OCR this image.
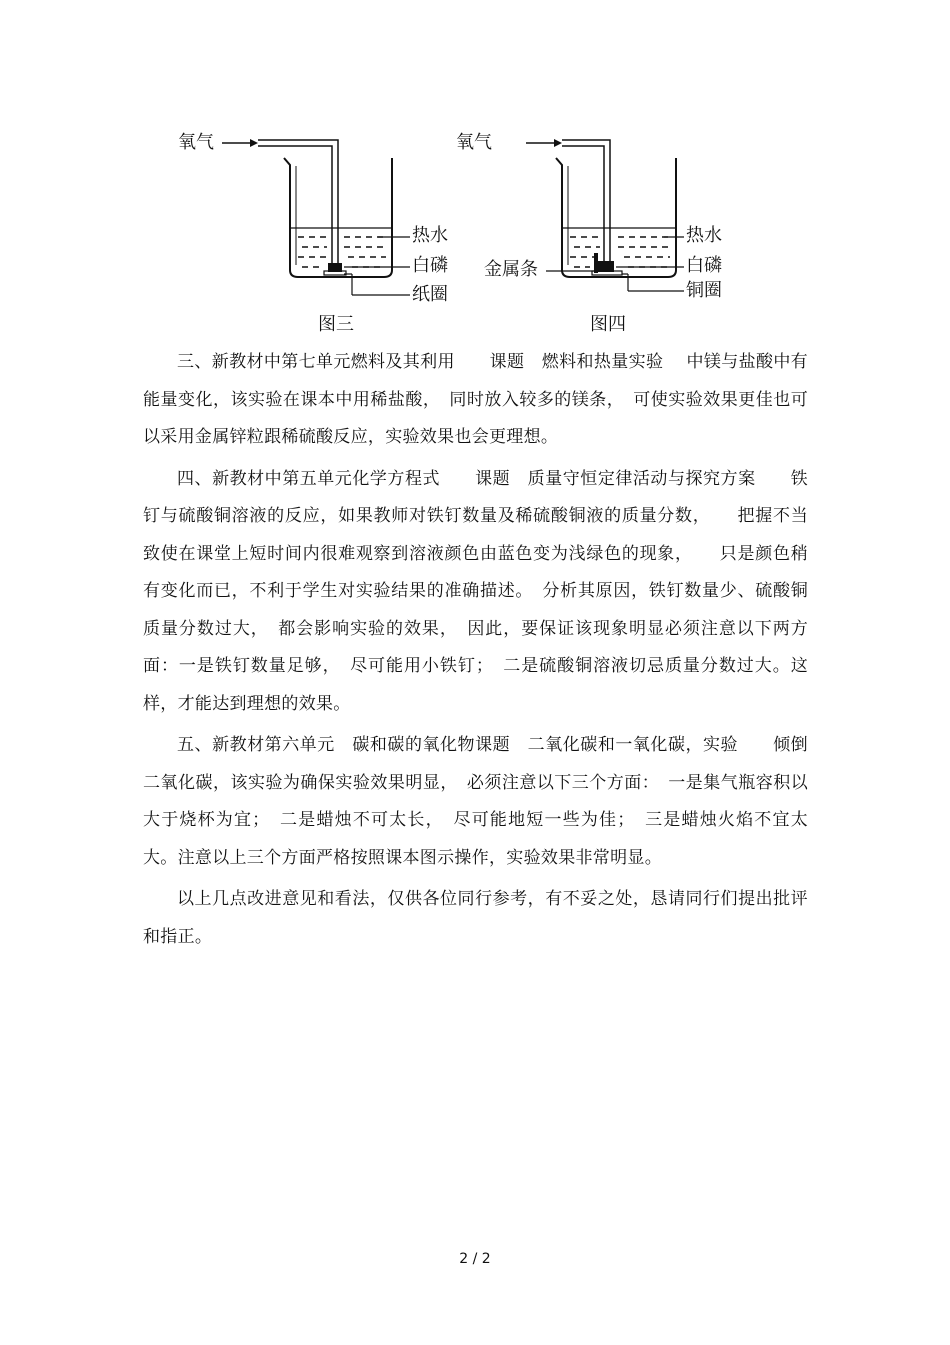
氧气
热水
白磷
纸圈
图三
氧气
金属条
热水
白磷
铜圈
图四

三、新教材中第七单元燃料及其利用　　课题　燃料和热量实验　 中镁与盐酸中有能量变化，该实验在课本中用稀盐酸，　同时放入较多的镁条，　可使实验效果更佳也可以采用金属锌粒跟稀硫酸反应，实验效果也会更理想。

四、新教材中第五单元化学方程式　　课题　质量守恒定律活动与探究方案　　铁钉与硫酸铜溶液的反应，如果教师对铁钉数量及稀硫酸铜液的质量分数，　　把握不当致使在课堂上短时间内很难观察到溶液颜色由蓝色变为浅绿色的现象，　　只是颜色稍有变化而已，不利于学生对实验结果的准确描述。　分析其原因，铁钉数量少、硫酸铜质量分数过大，　都会影响实验的效果，　因此，要保证该现象明显必须注意以下两方面：一是铁钉数量足够，　尽可能用小铁钉；　二是硫酸铜溶液切忌质量分数过大。这样，才能达到理想的效果。

五、新教材第六单元　碳和碳的氧化物课题　二氧化碳和一氧化碳，实验　　倾倒二氧化碳，该实验为确保实验效果明显，　必须注意以下三个方面：　一是集气瓶容积以大于烧杯为宜；　二是蜡烛不可太长，　尽可能地短一些为佳；　三是蜡烛火焰不宜太大。注意以上三个方面严格按照课本图示操作，实验效果非常明显。

以上几点改进意见和看法，仅供各位同行参考，有不妥之处，恳请同行们提出批评和指正。

2 / 2
